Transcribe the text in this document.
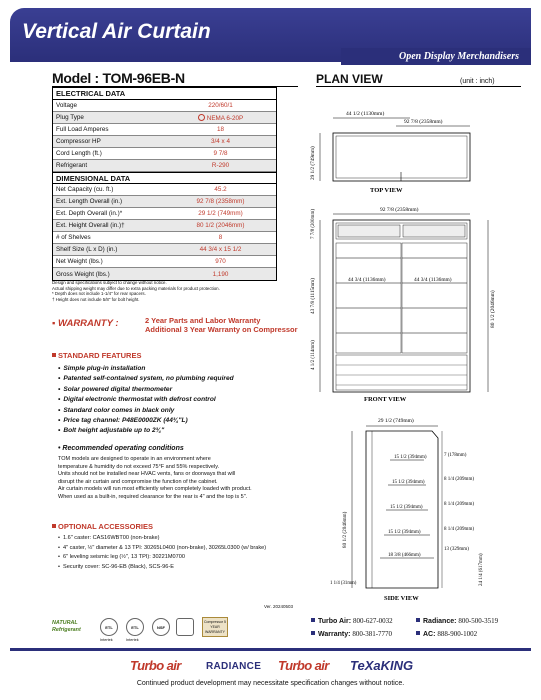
Vertical Air Curtain
Open Display Merchandisers
Model : TOM-96EB-N	PLAN VIEW	(unit : inch)
ELECTRICAL DATA
Voltage	220/60/1
Plug Type	NEMA 6-20P
Full Load Amperes	18
Compressor HP	3/4 x 4
Cord Length (ft.)	9 7/8
Refrigerant	R-290
DIMENSIONAL DATA
Net Capacity (cu. ft.)	45.2
Ext. Length Overall (in.)	92 7/8 (2358mm)
Ext. Depth Overall (in.)*	29 1/2 (749mm)
Ext. Height Overall (in.)†	80 1/2 (2046mm)
# of Shelves	8
Shelf Size (L x D) (in.)	44 3/4 x 15 1/2
Net Weight (lbs.)	970
Gross Weight (lbs.)	1,190
Design and specifications subject to change without notice.
Actual shipping weight may differ due to extra packing materials for product protection.
* Depth does not include 1-1/4" for rear spacers.
† Height does not include 5/8" for bolt height.
▪ WARRANTY :	2 Year Parts and Labor Warranty
Additional 3 Year Warranty on Compressor
STANDARD FEATURES
• Simple plug-in installation
• Patented self-contained system, no plumbing required
• Solar powered digital thermometer
• Digital electronic thermostat with defrost control
• Standard color comes in black only
• Price tag channel: P48E0000ZK (44¾"L)
• Bolt height adjustable up to 2¾"
• Recommended operating conditions
TOM models are designed to operate in an environment where
temperature & humidity do not exceed 75°F and 55% respectively.
Units should not be installed near HVAC vents, fans or doorways that will
disrupt the air curtain and compromise the function of the cabinet.
Air curtain models will run most efficiently when completely loaded with product.
When used as a built-in, required clearance for the rear is 4" and the top is 5".
OPTIONAL ACCESSORIES
• 1.6" caster: CAS16WBT00 (non-brake)
• 4" caster, ½" diameter & 13 TPI: 30265L0400 (non-brake), 30265L0300 (w/ brake)
• 6" leveling seismic leg (½", 13 TPI): 30221M0700
• Security cover: SC-96-EB (Black), SCS-96-E
Ver. 20240503
NATURAL Refrigerant	ETL
Intertek
ETL
Intertek
NSF
Compressor 5 YEAR WARRANTY
Turbo Air: 800-627-0032	Radiance: 800-500-3519
Warranty: 800-381-7770	AC: 888-900-1002
Turbo air	RADIANCE Turbo air TeXaKING
Continued product development may necessitate specification changes without notice.
44 1/2 (1130mm)
92 7/8 (2358mm)
29 1/2 (749mm)
TOP VIEW
92 7/8 (2358mm)
44 3/4 (1136mm)	44 3/4 (1136mm)
7 7/8 (200mm)
43 7/8 (1115mm)
4 1/2 (114mm)
80 1/2 (2046mm)
FRONT VIEW
29 1/2 (749mm)
15 1/2 (394mm)
15 1/2 (394mm)
15 1/2 (394mm)
15 1/2 (394mm)
18 3/8 (466mm)
7 (178mm)
8 1/4 (209mm)
8 1/4 (209mm)
8 1/4 (209mm)
13 (329mm)
24 1/4 (617mm)
80 1/2 (2046mm)
1 1/4 (31mm)
SIDE VIEW
